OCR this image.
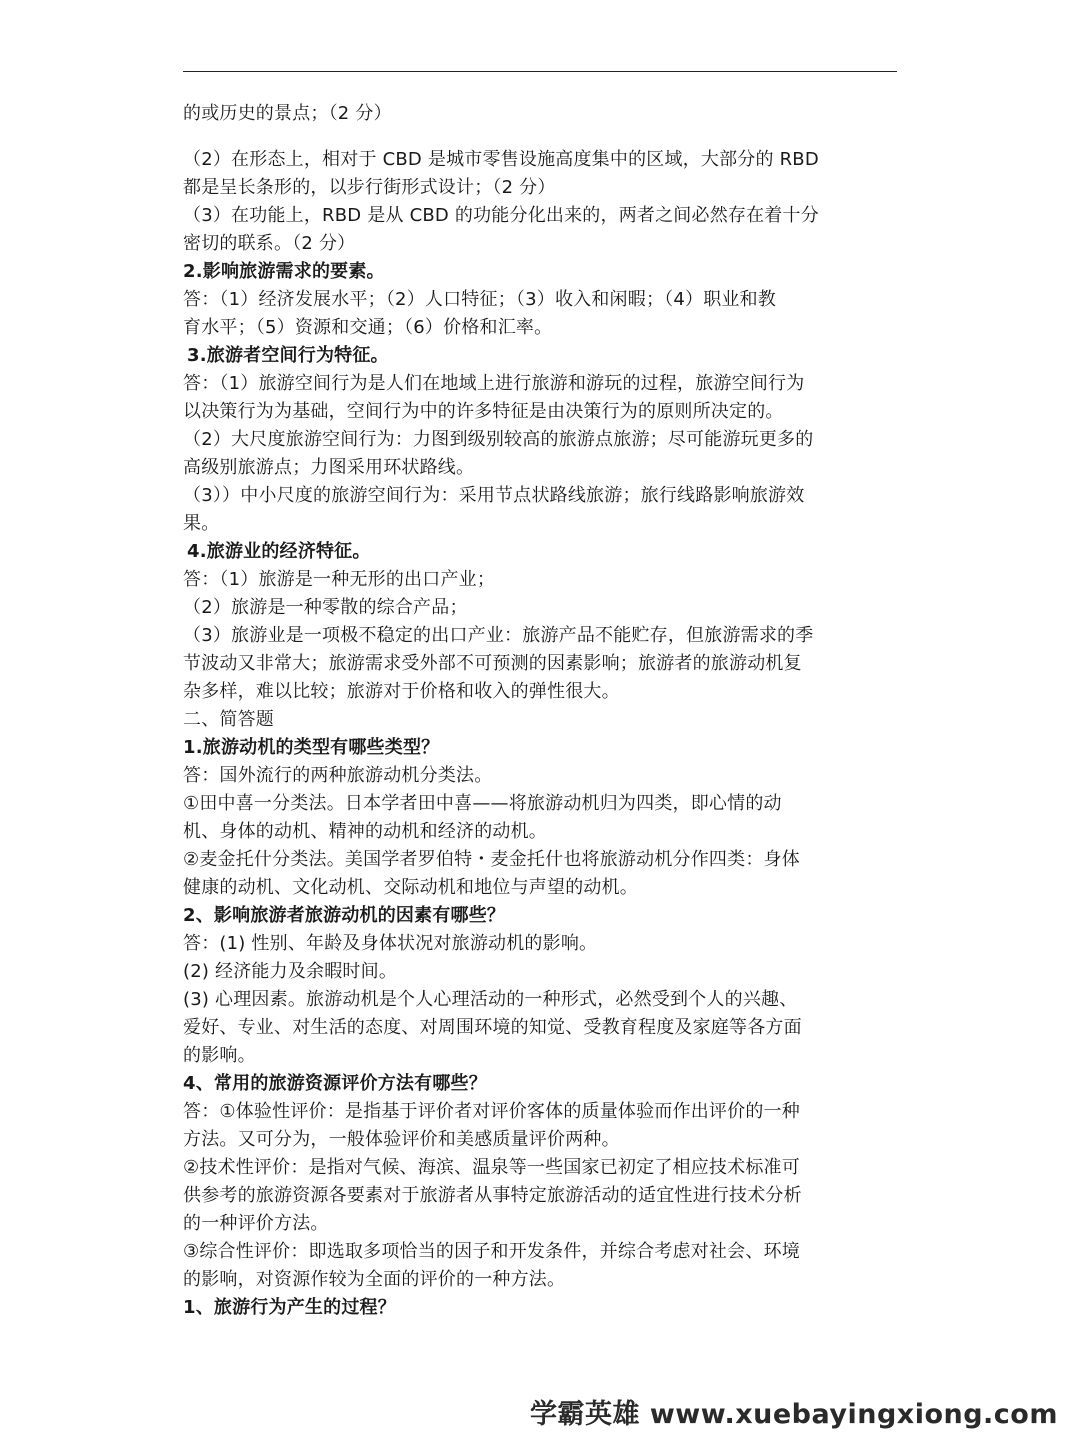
的或历史的景点；（2 分）
（2）在形态上，相对于 CBD 是城市零售设施高度集中的区域，大部分的 RBD
都是呈长条形的，以步行街形式设计；（2 分）
（3）在功能上，RBD 是从 CBD 的功能分化出来的，两者之间必然存在着十分
密切的联系。（2 分）
2.影响旅游需求的要素。
答：（1）经济发展水平；（2）人口特征；（3）收入和闲暇；（4）职业和教
育水平；（5）资源和交通；（6）价格和汇率。
3.旅游者空间行为特征。
答：（1）旅游空间行为是人们在地域上进行旅游和游玩的过程，旅游空间行为
以决策行为为基础，空间行为中的许多特征是由决策行为的原则所决定的。
（2）大尺度旅游空间行为：力图到级别较高的旅游点旅游；尽可能游玩更多的
高级别旅游点；力图采用环状路线。
（3））中小尺度的旅游空间行为：采用节点状路线旅游；旅行线路影响旅游效
果。
4.旅游业的经济特征。
答：（1）旅游是一种无形的出口产业；
（2）旅游是一种零散的综合产品；
（3）旅游业是一项极不稳定的出口产业：旅游产品不能贮存，但旅游需求的季
节波动又非常大；旅游需求受外部不可预测的因素影响；旅游者的旅游动机复
杂多样，难以比较；旅游对于价格和收入的弹性很大。
二、简答题
1.旅游动机的类型有哪些类型？
答：国外流行的两种旅游动机分类法。
①田中喜一分类法。日本学者田中喜——将旅游动机归为四类，即心情的动
机、身体的动机、精神的动机和经济的动机。
②麦金托什分类法。美国学者罗伯特・麦金托什也将旅游动机分作四类：身体
健康的动机、文化动机、交际动机和地位与声望的动机。
2、影响旅游者旅游动机的因素有哪些？
答：(1) 性别、年龄及身体状况对旅游动机的影响。
(2) 经济能力及余暇时间。
(3) 心理因素。旅游动机是个人心理活动的一种形式，必然受到个人的兴趣、
爱好、专业、对生活的态度、对周围环境的知觉、受教育程度及家庭等各方面
的影响。
4、常用的旅游资源评价方法有哪些？
答：①体验性评价：是指基于评价者对评价客体的质量体验而作出评价的一种
方法。又可分为，一般体验评价和美感质量评价两种。
②技术性评价：是指对气候、海滨、温泉等一些国家已初定了相应技术标准可
供参考的旅游资源各要素对于旅游者从事特定旅游活动的适宜性进行技术分析
的一种评价方法。
③综合性评价：即选取多项恰当的因子和开发条件，并综合考虑对社会、环境
的影响，对资源作较为全面的评价的一种方法。
1、旅游行为产生的过程？
学霸英雄 www.xuebayingxiong.com
